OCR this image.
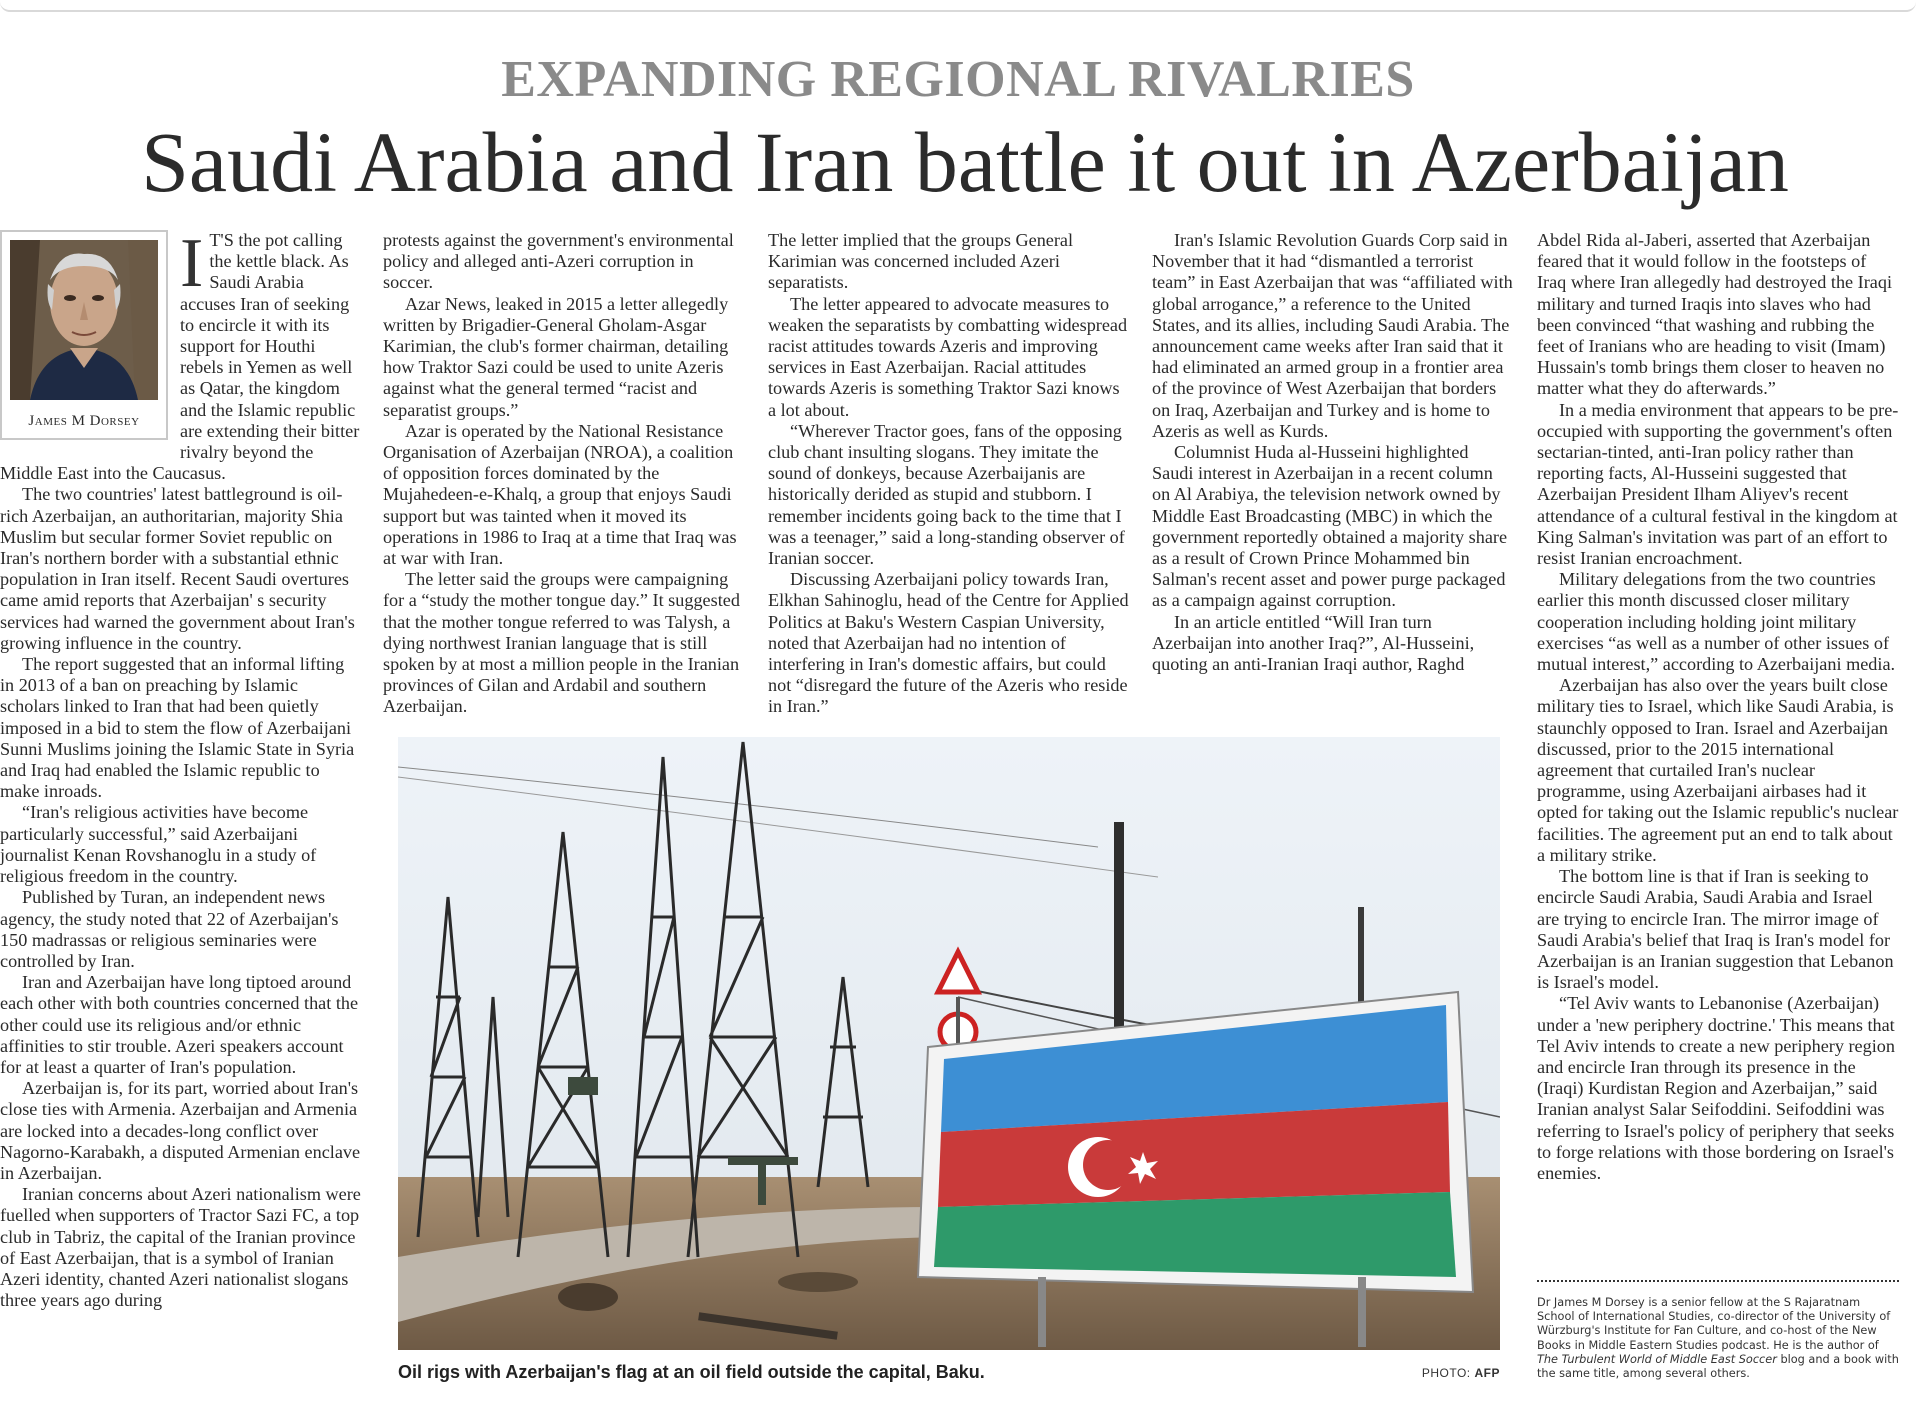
EXPANDING REGIONAL RIVALRIES
Saudi Arabia and Iran battle it out in Azerbaijan
James M Dorsey
I T'S the pot calling the kettle black. As Saudi Arabia accuses Iran of seeking to encircle it with its support for Houthi rebels in Yemen as well as Qatar, the kingdom and the Islamic republic are extending their bitter rivalry beyond the Middle East into the Caucasus.

The two countries' latest battleground is oil-rich Azerbaijan, an authoritarian, majority Shia Muslim but secular former Soviet republic on Iran's northern border with a substantial ethnic population in Iran itself. Recent Saudi overtures came amid reports that Azerbaijan' s security services had warned the government about Iran's growing influence in the country.

The report suggested that an informal lifting in 2013 of a ban on preaching by Islamic scholars linked to Iran that had been quietly imposed in a bid to stem the flow of Azerbaijani Sunni Muslims joining the Islamic State in Syria and Iraq had enabled the Islamic republic to make inroads.

“Iran's religious activities have become particularly successful,” said Azerbaijani journalist Kenan Rovshanoglu in a study of religious freedom in the country.

Published by Turan, an independent news agency, the study noted that 22 of Azerbaijan's 150 madrassas or religious seminaries were controlled by Iran.

Iran and Azerbaijan have long tiptoed around each other with both countries concerned that the other could use its religious and/or ethnic affinities to stir trouble. Azeri speakers account for at least a quarter of Iran's population.

Azerbaijan is, for its part, worried about Iran's close ties with Armenia. Azerbaijan and Armenia are locked into a decades-long conflict over Nagorno-Karabakh, a disputed Armenian enclave in Azerbaijan.

Iranian concerns about Azeri nationalism were fuelled when supporters of Tractor Sazi FC, a top club in Tabriz, the capital of the Iranian province of East Azerbaijan, that is a symbol of Iranian Azeri identity, chanted Azeri nationalist slogans three years ago during

protests against the government's environmental policy and alleged anti-Azeri corruption in soccer.

Azar News, leaked in 2015 a letter allegedly written by Brigadier-General Gholam-Asgar Karimian, the club's former chairman, detailing how Traktor Sazi could be used to unite Azeris against what the general termed “racist and separatist groups.”

Azar is operated by the National Resistance Organisation of Azerbaijan (NROA), a coalition of opposition forces dominated by the Mujahedeen-e-Khalq, a group that enjoys Saudi support but was tainted when it moved its operations in 1986 to Iraq at a time that Iraq was at war with Iran.

The letter said the groups were campaigning for a “study the mother tongue day.” It suggested that the mother tongue referred to was Talysh, a dying northwest Iranian language that is still spoken by at most a million people in the Iranian provinces of Gilan and Ardabil and southern Azerbaijan.

The letter implied that the groups General Karimian was concerned included Azeri separatists.

The letter appeared to advocate measures to weaken the separatists by combatting widespread racist attitudes towards Azeris and improving services in East Azerbaijan. Racial attitudes towards Azeris is something Traktor Sazi knows a lot about.

“Wherever Tractor goes, fans of the opposing club chant insulting slogans. They imitate the sound of donkeys, because Azerbaijanis are historically derided as stupid and stubborn. I remember incidents going back to the time that I was a teenager,” said a long-standing observer of Iranian soccer.

Discussing Azerbaijani policy towards Iran, Elkhan Sahinoglu, head of the Centre for Applied Politics at Baku's Western Caspian University, noted that Azerbaijan had no intention of interfering in Iran's domestic affairs, but could not “disregard the future of the Azeris who reside in Iran.”

Iran's Islamic Revolution Guards Corp said in November that it had “dismantled a terrorist team” in East Azerbaijan that was “affiliated with global arrogance,” a reference to the United States, and its allies, including Saudi Arabia. The announcement came weeks after Iran said that it had eliminated an armed group in a frontier area of the province of West Azerbaijan that borders on Iraq, Azerbaijan and Turkey and is home to Azeris as well as Kurds.

Columnist Huda al-Husseini highlighted Saudi interest in Azerbaijan in a recent column on Al Arabiya, the television network owned by Middle East Broadcasting (MBC) in which the government reportedly obtained a majority share as a result of Crown Prince Mohammed bin Salman's recent asset and power purge packaged as a campaign against corruption.

In an article entitled “Will Iran turn Azerbaijan into another Iraq?”, Al-Husseini, quoting an anti-Iranian Iraqi author, Raghd

Abdel Rida al-Jaberi, asserted that Azerbaijan feared that it would follow in the footsteps of Iraq where Iran allegedly had destroyed the Iraqi military and turned Iraqis into slaves who had been convinced “that washing and rubbing the feet of Iranians who are heading to visit (Imam) Hussain's tomb brings them closer to heaven no matter what they do afterwards.”

In a media environment that appears to be pre-occupied with supporting the government's often sectarian-tinted, anti-Iran policy rather than reporting facts, Al-Husseini suggested that Azerbaijan President Ilham Aliyev's recent attendance of a cultural festival in the kingdom at King Salman's invitation was part of an effort to resist Iranian encroachment.

Military delegations from the two countries earlier this month discussed closer military cooperation including holding joint military exercises “as well as a number of other issues of mutual interest,” according to Azerbaijani media.

Azerbaijan has also over the years built close military ties to Israel, which like Saudi Arabia, is staunchly opposed to Iran. Israel and Azerbaijan discussed, prior to the 2015 international agreement that curtailed Iran's nuclear programme, using Azerbaijani airbases had it opted for taking out the Islamic republic's nuclear facilities. The agreement put an end to talk about a military strike.

The bottom line is that if Iran is seeking to encircle Saudi Arabia, Saudi Arabia and Israel are trying to encircle Iran. The mirror image of Saudi Arabia's belief that Iraq is Iran's model for Azerbaijan is an Iranian suggestion that Lebanon is Israel's model.

“Tel Aviv wants to Lebanonise (Azerbaijan) under a 'new periphery doctrine.' This means that Tel Aviv intends to create a new periphery region and encircle Iran through its presence in the (Iraqi) Kurdistan Region and Azerbaijan,” said Iranian analyst Salar Seifoddini. Seifoddini was referring to Israel's policy of periphery that seeks to forge relations with those bordering on Israel's enemies.

Oil rigs with Azerbaijan's flag at an oil field outside the capital, Baku.	PHOTO: AFP
Dr James M Dorsey is a senior fellow at the S Rajaratnam School of International Studies, co-director of the University of Würzburg's Institute for Fan Culture, and co-host of the New Books in Middle Eastern Studies podcast. He is the author of The Turbulent World of Middle East Soccer blog and a book with the same title, among several others.
